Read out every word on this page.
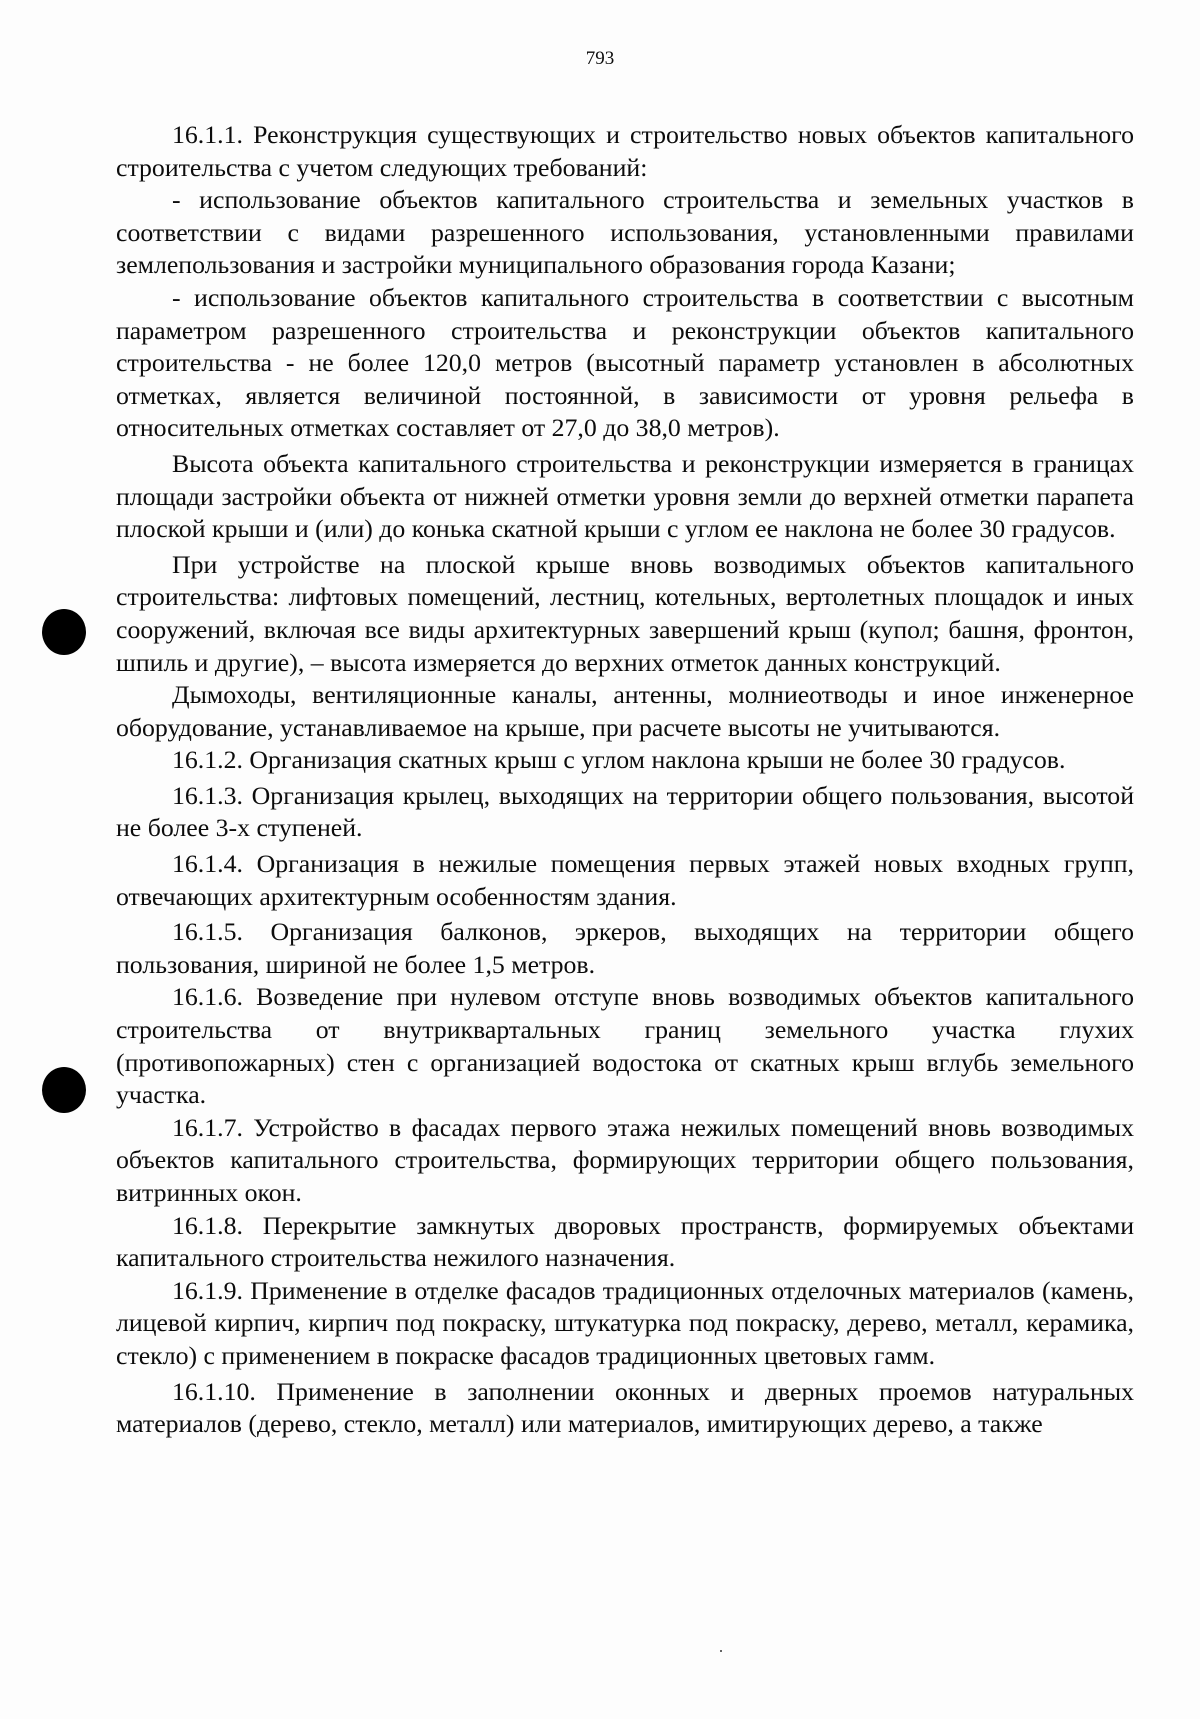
793

16.1.1. Реконструкция существующих и строительство новых объектов капитального строительства с учетом следующих требований:

- использование объектов капитального строительства и земельных участков в соответствии с видами разрешенного использования, установленными правилами землепользования и застройки муниципального образования города Казани;

- использование объектов капитального строительства в соответствии с высотным параметром разрешенного строительства и реконструкции объектов капитального строительства - не более 120,0 метров (высотный параметр установлен в абсолютных отметках, является величиной постоянной, в зависимости от уровня рельефа в относительных отметках составляет от 27,0 до 38,0 метров).

Высота объекта капитального строительства и реконструкции измеряется в границах площади застройки объекта от нижней отметки уровня земли до верхней отметки парапета плоской крыши и (или) до конька скатной крыши с углом ее наклона не более 30 градусов.

При устройстве на плоской крыше вновь возводимых объектов капитального строительства: лифтовых помещений, лестниц, котельных, вертолетных площадок и иных сооружений, включая все виды архитектурных завершений крыш (купол; башня, фронтон, шпиль и другие), – высота измеряется до верхних отметок данных конструкций.

Дымоходы, вентиляционные каналы, антенны, молниеотводы и иное инженерное оборудование, устанавливаемое на крыше, при расчете высоты не учитываются.

16.1.2. Организация скатных крыш с углом наклона крыши не более 30 градусов.

16.1.3. Организация крылец, выходящих на территории общего пользования, высотой не более 3-х ступеней.

16.1.4. Организация в нежилые помещения первых этажей новых входных групп, отвечающих архитектурным особенностям здания.

16.1.5. Организация балконов, эркеров, выходящих на территории общего пользования, шириной не более 1,5 метров.

16.1.6. Возведение при нулевом отступе вновь возводимых объектов капитального строительства от внутриквартальных границ земельного участка глухих (противопожарных) стен с организацией водостока от скатных крыш вглубь земельного участка.

16.1.7. Устройство в фасадах первого этажа нежилых помещений вновь возводимых объектов капитального строительства, формирующих территории общего пользования, витринных окон.

16.1.8. Перекрытие замкнутых дворовых пространств, формируемых объектами капитального строительства нежилого назначения.

16.1.9. Применение в отделке фасадов традиционных отделочных материалов (камень, лицевой кирпич, кирпич под покраску, штукатурка под покраску, дерево, металл, керамика, стекло) с применением в покраске фасадов традиционных цветовых гамм.

16.1.10. Применение в заполнении оконных и дверных проемов натуральных материалов (дерево, стекло, металл) или материалов, имитирующих дерево, а также
